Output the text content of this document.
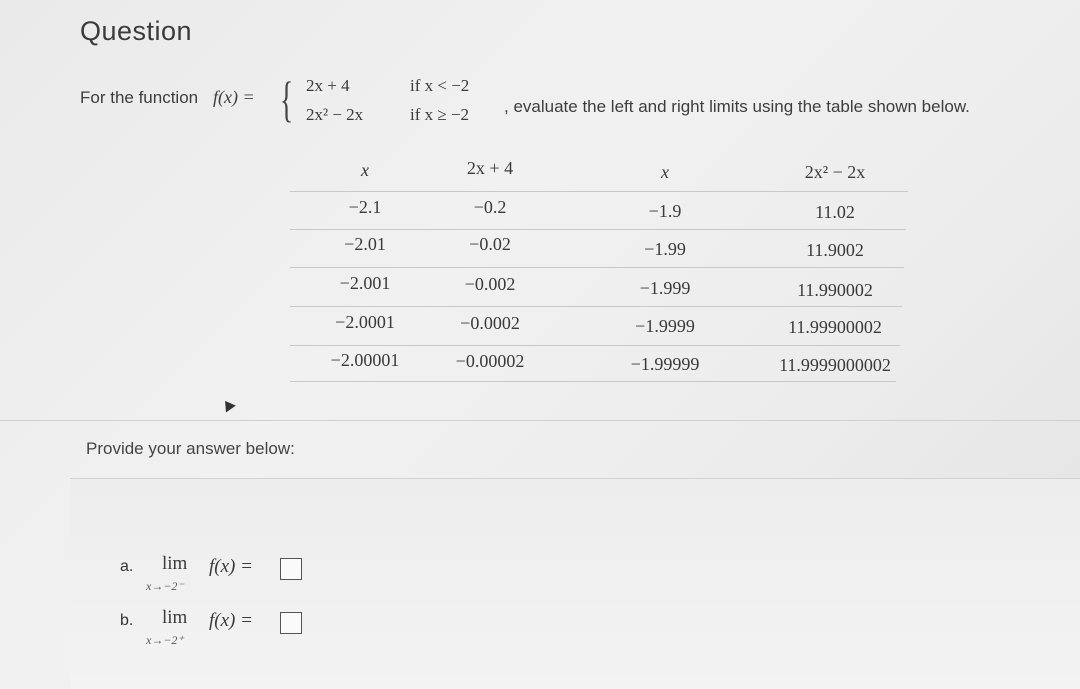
Question
For the function f(x) = { 2x + 4	if x < −2
2x² − 2x	if x ≥ −2 , evaluate the left and right limits using the table shown below.
x	2x + 4	x	2x² − 2x
−2.1	−0.2	−1.9	11.02
−2.01	−0.02	−1.99	11.9002
−2.001	−0.002	−1.999	11.990002
−2.0001	−0.0002	−1.9999	11.99900002
−2.00001	−0.00002	−1.99999	11.9999000002
Provide your answer below:
a. lim
x→−2⁻
f(x) =
b. lim
x→−2⁺
f(x) =
